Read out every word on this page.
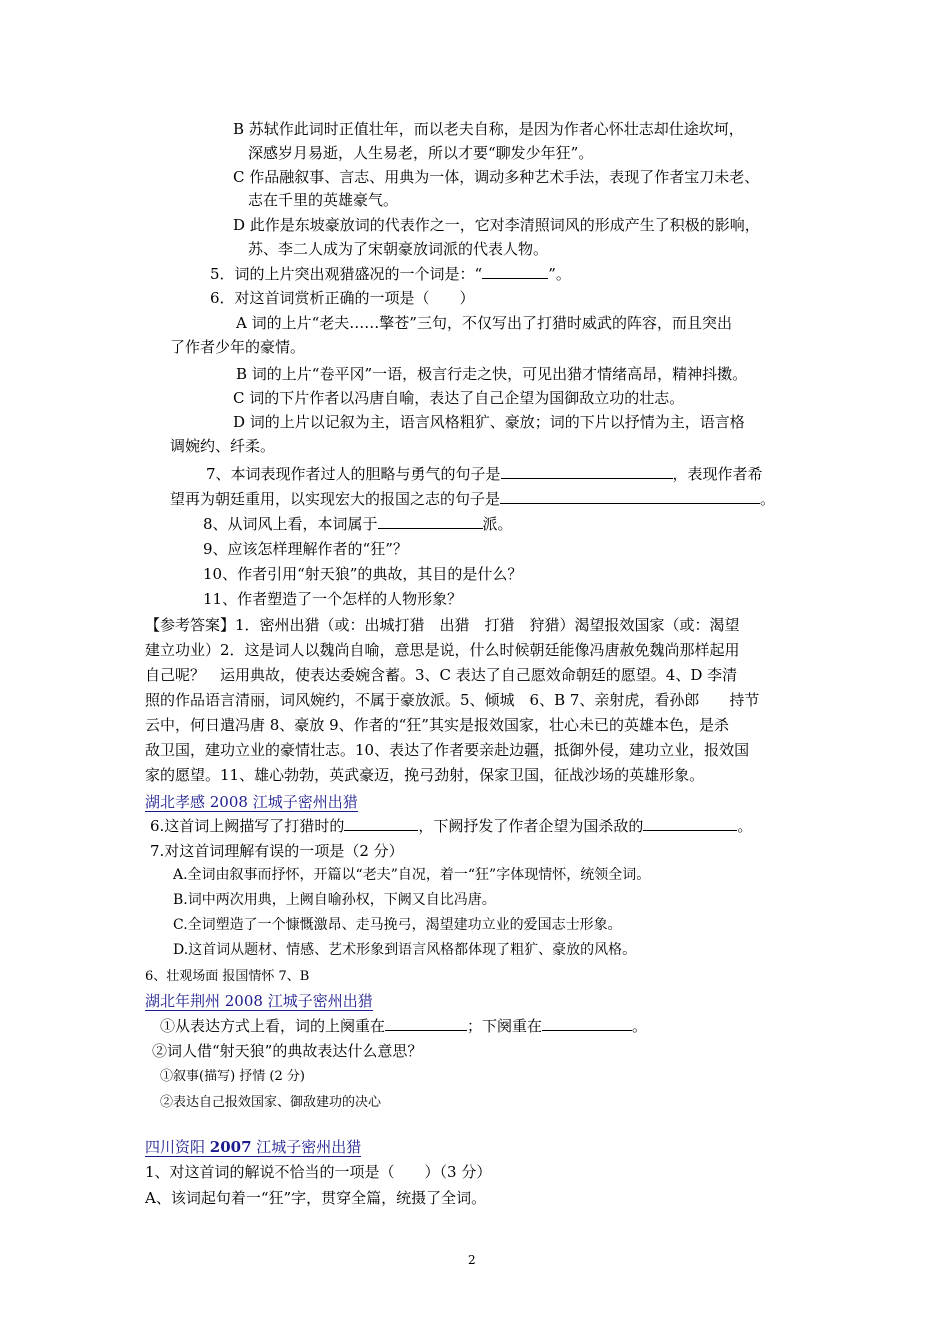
B 苏轼作此词时正值壮年，而以老夫自称，是因为作者心怀壮志却仕途坎坷，
深感岁月易逝，人生易老，所以才要“聊发少年狂”。
C 作品融叙事、言志、用典为一体，调动多种艺术手法，表现了作者宝刀未老、
志在千里的英雄豪气。
D 此作是东坡豪放词的代表作之一，它对李清照词风的形成产生了积极的影响，
苏、李二人成为了宋朝豪放词派的代表人物。
5．词的上片突出观猎盛况的一个词是：“	”。
6．对这首词赏析正确的一项是（　　）
A 词的上片“老夫……擎苍”三句，不仅写出了打猎时威武的阵容，而且突出
了作者少年的豪情。
B 词的上片“卷平冈”一语，极言行走之快，可见出猎才情绪高昂，精神抖擞。
C 词的下片作者以冯唐自喻，表达了自己企望为国御敌立功的壮志。
D 词的上片以记叙为主，语言风格粗犷、豪放；词的下片以抒情为主，语言格
调婉约、纤柔。
7、本词表现作者过人的胆略与勇气的句子是	，表现作者希
望再为朝廷重用，以实现宏大的报国之志的句子是	。
8、从词风上看，本词属于	派。
9、应该怎样理解作者的“狂”？
10、作者引用“射天狼”的典故，其目的是什么？
11、作者塑造了一个怎样的人物形象？
【参考答案】1．密州出猎（或：出城打猎　出猎　打猎　狩猎）渴望报效国家（或：渴望
建立功业）2．这是词人以魏尚自喻，意思是说，什么时候朝廷能像冯唐赦免魏尚那样起用
自己呢？　运用典故，使表达委婉含蓄。3、C 表达了自己愿效命朝廷的愿望。4、D 李清
照的作品语言清丽，词风婉约，不属于豪放派。5、倾城　6、B 7、亲射虎，看孙郎　　持节
云中，何日遣冯唐 8、豪放 9、作者的“狂”其实是报效国家，壮心未已的英雄本色，是杀
敌卫国，建功立业的豪情壮志。10、表达了作者要亲赴边疆，抵御外侵，建功立业，报效国
家的愿望。11、雄心勃勃，英武豪迈，挽弓劲射，保家卫国，征战沙场的英雄形象。
湖北孝感 2008 江城子密州出猎
6.这首词上阙描写了打猎时的	，下阙抒发了作者企望为国杀敌的	。
7.对这首词理解有误的一项是（2 分）
A.全词由叙事而抒怀，开篇以“老夫”自况，着一“狂”字体现情怀，统领全词。
B.词中两次用典，上阙自喻孙权，下阙又自比冯唐。
C.全词塑造了一个慷慨激昂、走马挽弓，渴望建功立业的爱国志士形象。
D.这首词从题材、情感、艺术形象到语言风格都体现了粗犷、豪放的风格。
6、壮观场面 报国情怀 7、B
湖北年荆州 2008 江城子密州出猎
①从表达方式上看，词的上阕重在	；下阕重在	。
②词人借“射天狼”的典故表达什么意思？
①叙事(描写) 抒情 (2 分)
②表达自己报效国家、御敌建功的决心
四川资阳 2007 江城子密州出猎
1、对这首词的解说不恰当的一项是（　　）（3 分）
A、该词起句着一“狂”字，贯穿全篇，统摄了全词。
2
